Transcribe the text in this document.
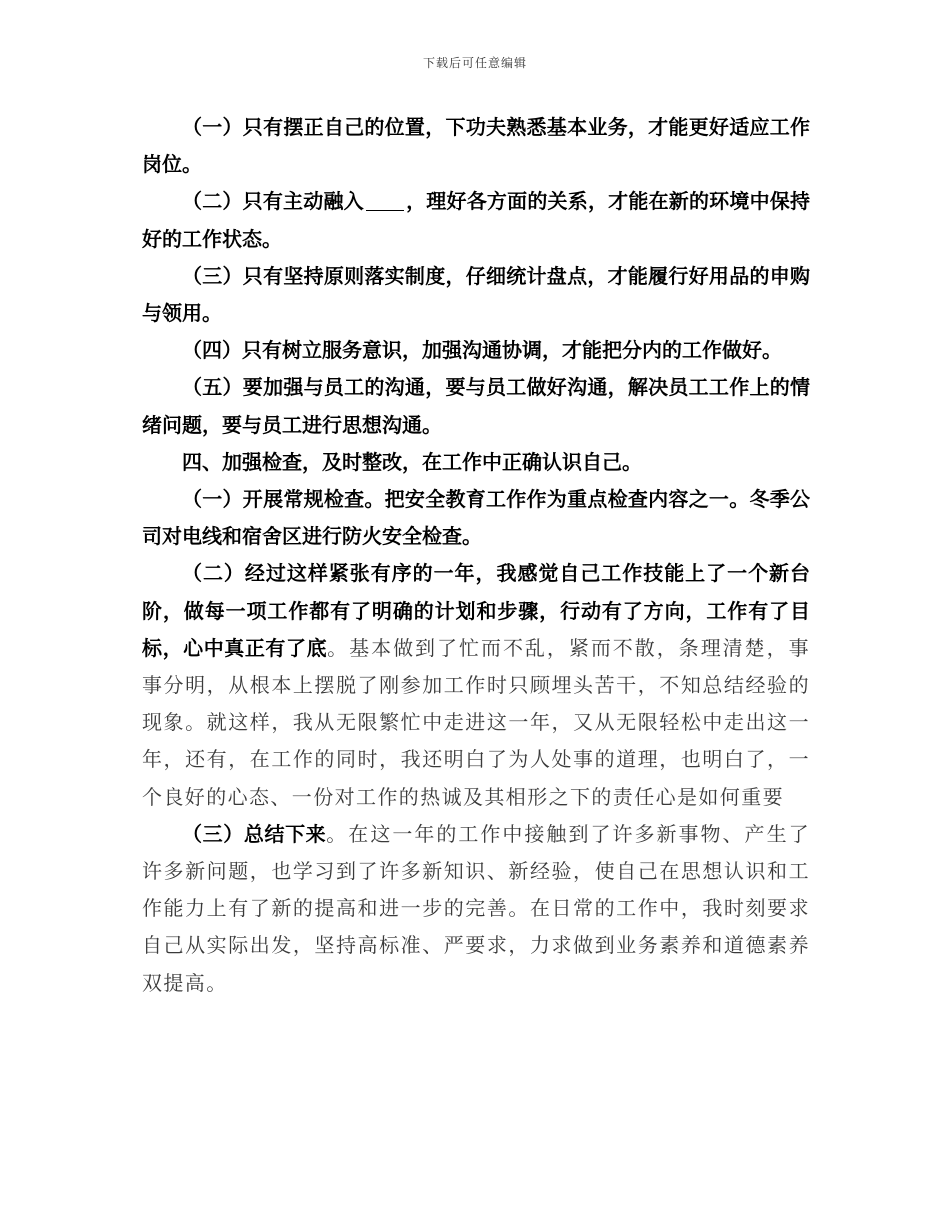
下载后可任意编辑

（一）只有摆正自己的位置，下功夫熟悉基本业务，才能更好适应工作岗位。

（二）只有主动融入 ，理好各方面的关系，才能在新的环境中保持好的工作状态。

（三）只有坚持原则落实制度，仔细统计盘点，才能履行好用品的申购与领用。

（四）只有树立服务意识，加强沟通协调，才能把分内的工作做好。

（五）要加强与员工的沟通，要与员工做好沟通，解决员工工作上的情绪问题，要与员工进行思想沟通。

四、加强检查，及时整改，在工作中正确认识自己。

（一）开展常规检查。把安全教育工作作为重点检查内容之一。冬季公司对电线和宿舍区进行防火安全检查。

（二）经过这样紧张有序的一年，我感觉自己工作技能上了一个新台阶，做每一项工作都有了明确的计划和步骤，行动有了方向，工作有了目标，心中真正有了底。基本做到了忙而不乱，紧而不散，条理清楚，事事分明，从根本上摆脱了刚参加工作时只顾埋头苦干，不知总结经验的现象。就这样，我从无限繁忙中走进这一年，又从无限轻松中走出这一年，还有，在工作的同时，我还明白了为人处事的道理，也明白了，一个良好的心态、一份对工作的热诚及其相形之下的责任心是如何重要

（三）总结下来。在这一年的工作中接触到了许多新事物、产生了许多新问题，也学习到了许多新知识、新经验，使自己在思想认识和工作能力上有了新的提高和进一步的完善。在日常的工作中，我时刻要求自己从实际出发，坚持高标准、严要求，力求做到业务素养和道德素养双提高。
